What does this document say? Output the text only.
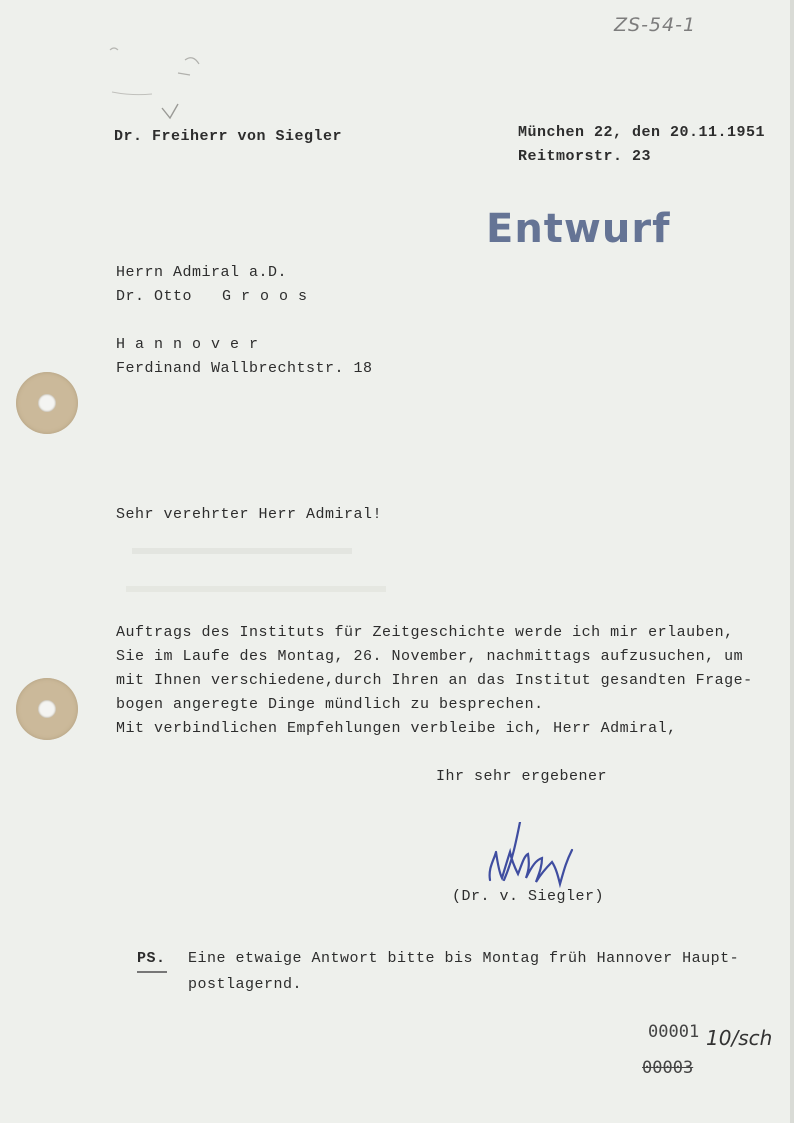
ZS-54-1
Dr. Freiherr von Siegler	München 22, den 20.11.1951
Reitmorstr. 23
Entwurf
Herrn Admiral a.D.
Dr. Otto G r o o s
H a n n o v e r
Ferdinand Wallbrechtstr. 18
Sehr verehrter Herr Admiral!
Auftrags des Instituts für Zeitgeschichte werde ich mir erlauben,
Sie im Laufe des Montag, 26. November, nachmittags aufzusuchen, um
mit Ihnen verschiedene,durch Ihren an das Institut gesandten Frage-
bogen angeregte Dinge mündlich zu besprechen.
Mit verbindlichen Empfehlungen verbleibe ich, Herr Admiral,
Ihr sehr ergebener
(Dr. v. Siegler)
PS. Eine etwaige Antwort bitte bis Montag früh Hannover Haupt-
postlagernd.
00001 10/sch
00003
